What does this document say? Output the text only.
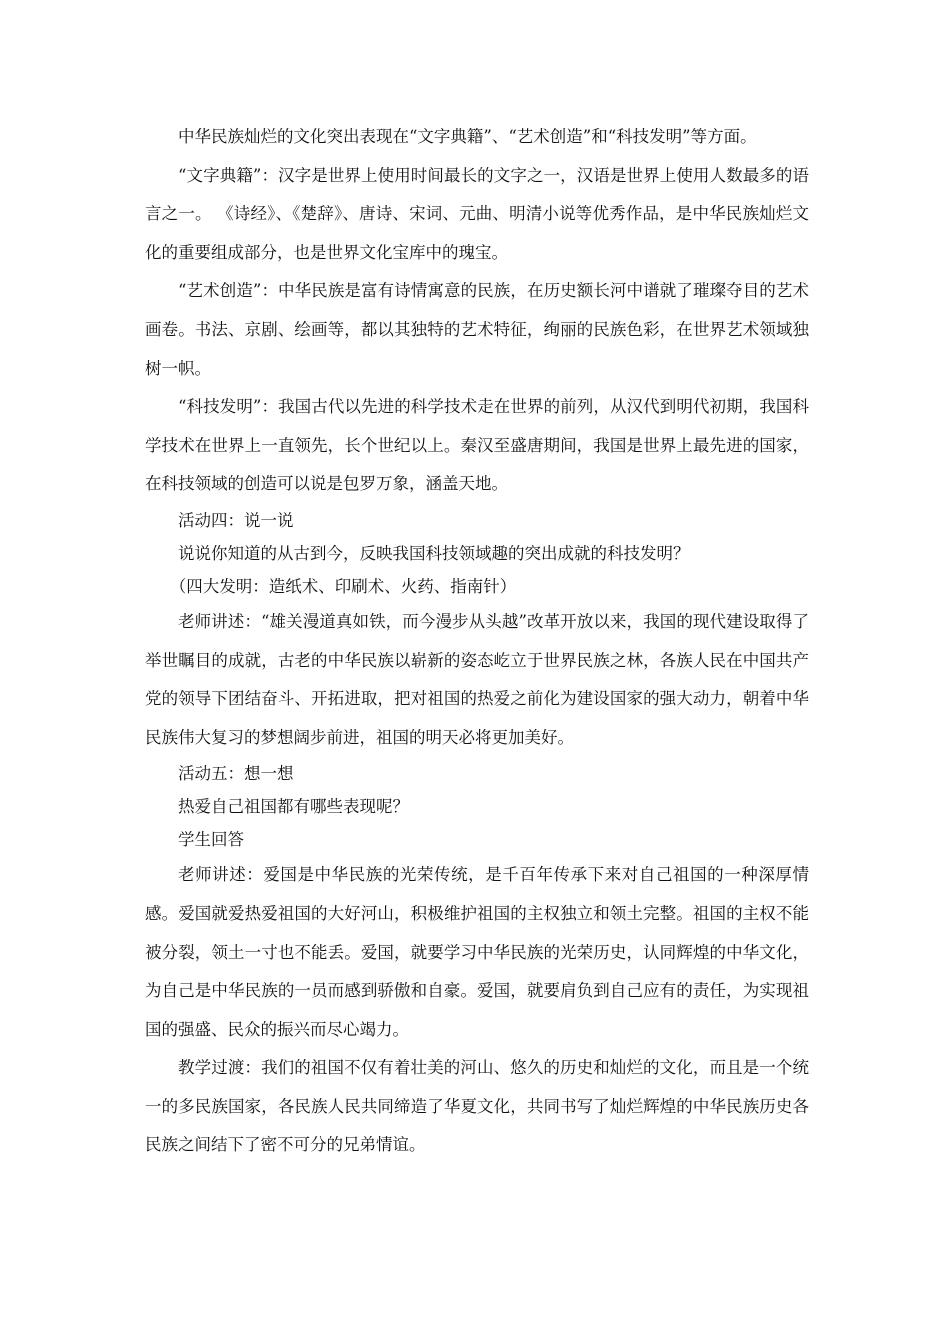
中华民族灿烂的文化突出表现在“文字典籍”、“艺术创造”和“科技发明”等方面。

“文字典籍”：汉字是世界上使用时间最长的文字之一，汉语是世界上使用人数最多的语言之一。 《诗经》、《楚辞》、唐诗、宋词、元曲、明清小说等优秀作品，是中华民族灿烂文化的重要组成部分，也是世界文化宝库中的瑰宝。

“艺术创造”：中华民族是富有诗情寓意的民族，在历史额长河中谱就了璀璨夺目的艺术画卷。书法、京剧、绘画等，都以其独特的艺术特征，绚丽的民族色彩，在世界艺术领域独树一帜。

“科技发明”：我国古代以先进的科学技术走在世界的前列，从汉代到明代初期，我国科学技术在世界上一直领先，长个世纪以上。秦汉至盛唐期间，我国是世界上最先进的国家，在科技领域的创造可以说是包罗万象，涵盖天地。

活动四：说一说

说说你知道的从古到今，反映我国科技领域趣的突出成就的科技发明？

（四大发明：造纸术、印刷术、火药、指南针）

老师讲述：“雄关漫道真如铁，而今漫步从头越”改革开放以来，我国的现代建设取得了举世瞩目的成就，古老的中华民族以崭新的姿态屹立于世界民族之林，各族人民在中国共产党的领导下团结奋斗、开拓进取，把对祖国的热爱之前化为建设国家的强大动力，朝着中华民族伟大复习的梦想阔步前进，祖国的明天必将更加美好。

活动五：想一想

热爱自己祖国都有哪些表现呢？

学生回答

老师讲述：爱国是中华民族的光荣传统，是千百年传承下来对自己祖国的一种深厚情感。爱国就爱热爱祖国的大好河山，积极维护祖国的主权独立和领土完整。祖国的主权不能被分裂，领土一寸也不能丢。爱国，就要学习中华民族的光荣历史，认同辉煌的中华文化，为自己是中华民族的一员而感到骄傲和自豪。爱国，就要肩负到自己应有的责任，为实现祖国的强盛、民众的振兴而尽心竭力。

教学过渡：我们的祖国不仅有着壮美的河山、悠久的历史和灿烂的文化，而且是一个统一的多民族国家，各民族人民共同缔造了华夏文化，共同书写了灿烂辉煌的中华民族历史各民族之间结下了密不可分的兄弟情谊。
